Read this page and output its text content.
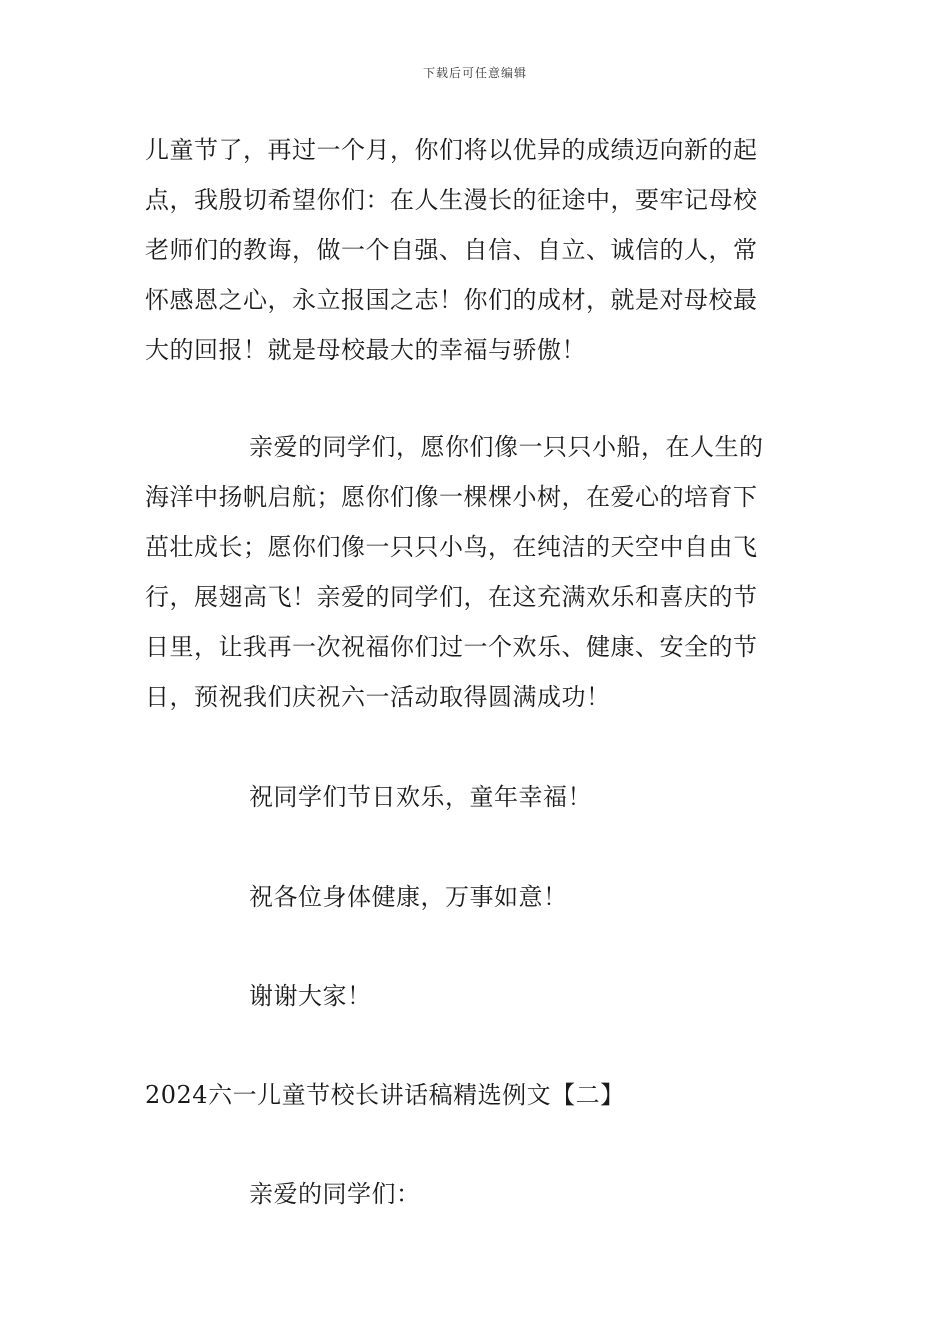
下载后可任意编辑
儿童节了，再过一个月，你们将以优异的成绩迈向新的起
点，我殷切希望你们：在人生漫长的征途中，要牢记母校
老师们的教诲，做一个自强、自信、自立、诚信的人，常
怀感恩之心，永立报国之志！你们的成材，就是对母校最
大的回报！就是母校最大的幸福与骄傲！
亲爱的同学们，愿你们像一只只小船，在人生的
海洋中扬帆启航；愿你们像一棵棵小树，在爱心的培育下
茁壮成长；愿你们像一只只小鸟，在纯洁的天空中自由飞
行，展翅高飞！亲爱的同学们，在这充满欢乐和喜庆的节
日里，让我再一次祝福你们过一个欢乐、健康、安全的节
日，预祝我们庆祝六一活动取得圆满成功！
祝同学们节日欢乐，童年幸福！
祝各位身体健康，万事如意！
谢谢大家！
2024六一儿童节校长讲话稿精选例文【二】
亲爱的同学们：
